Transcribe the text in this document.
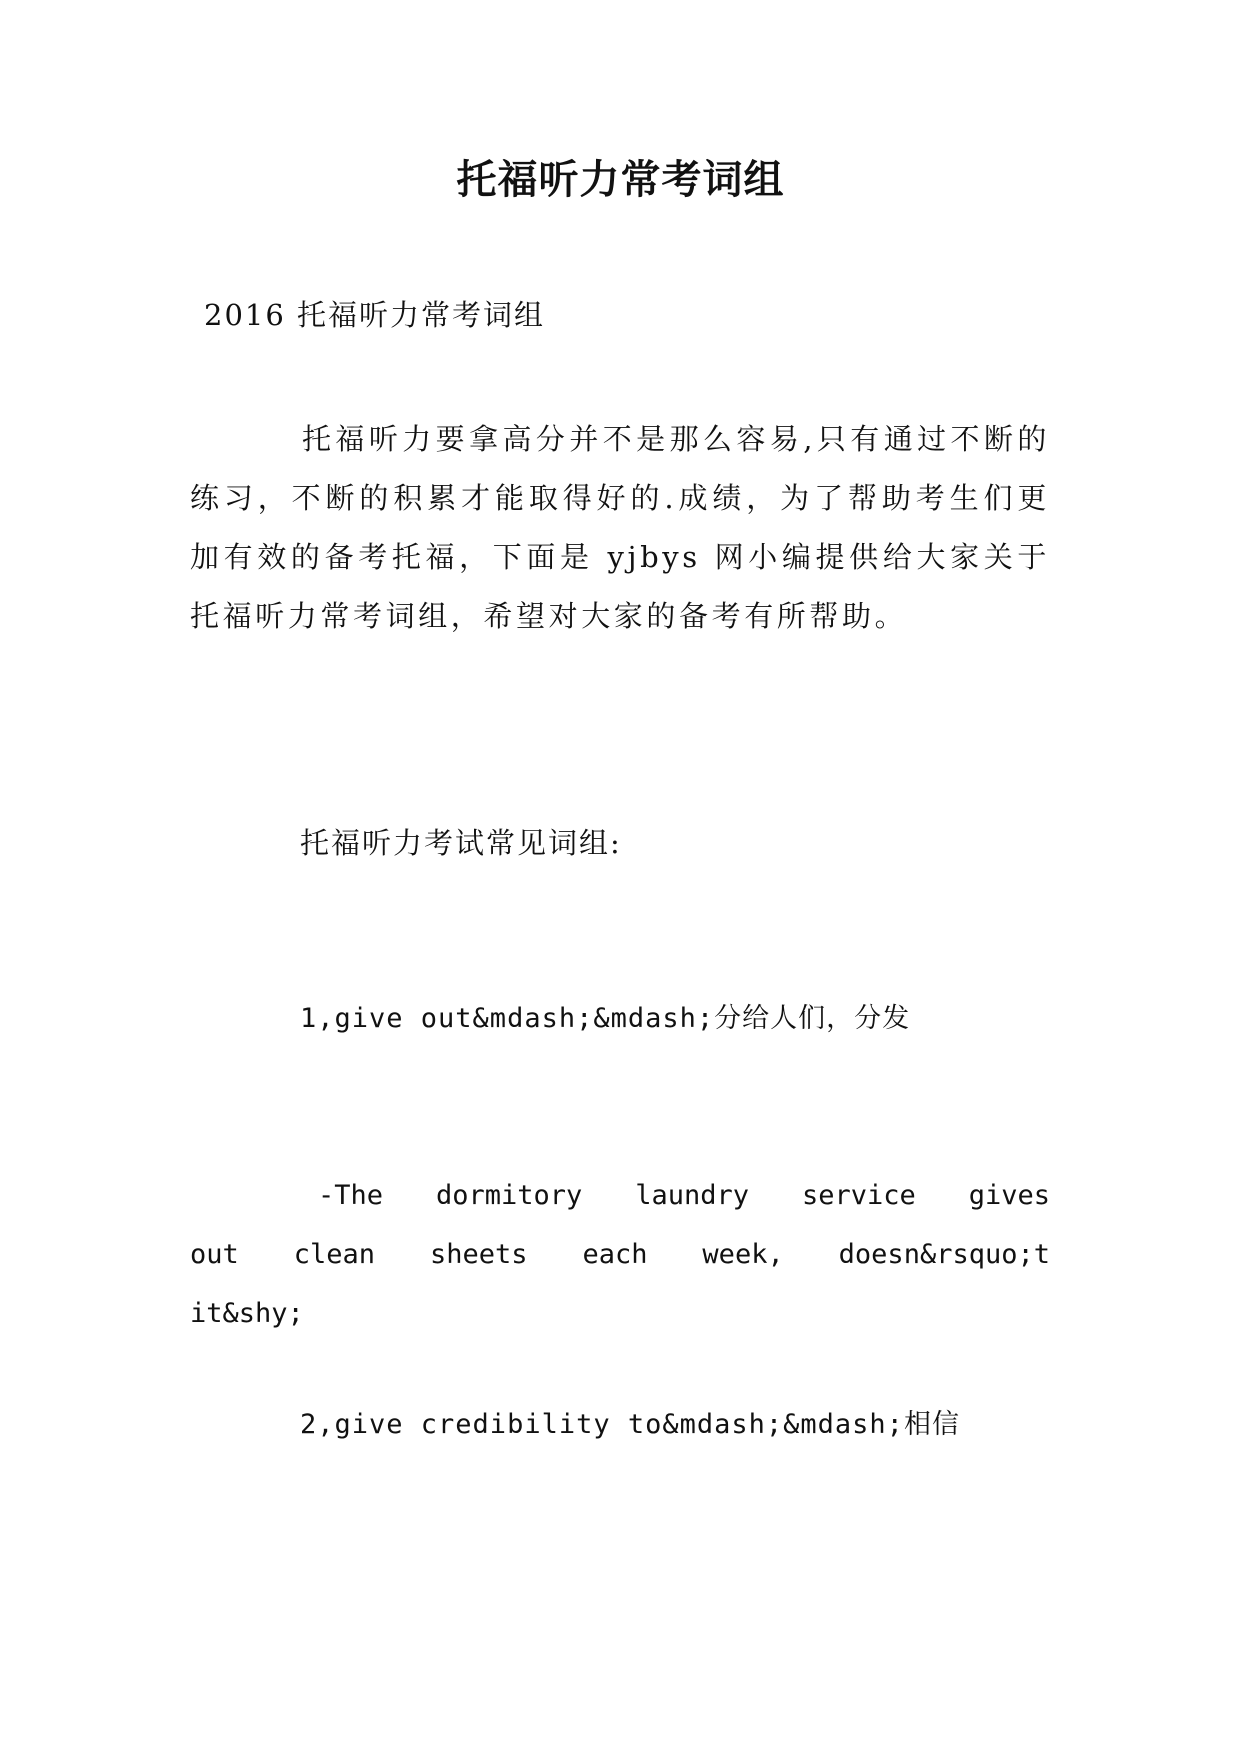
托福听力常考词组
2016 托福听力常考词组
托福听力要拿高分并不是那么容易,只有通过不断的练习，不断的积累才能取得好的.成绩，为了帮助考生们更加有效的备考托福，下面是 yjbys 网小编提供给大家关于托福听力常考词组，希望对大家的备考有所帮助。
托福听力考试常见词组:
1,give out&mdash;&mdash;分给人们，分发
-The dormitory laundry service gives out clean sheets each week, doesn&rsquo;t it&shy;
2,give credibility to&mdash;&mdash;相信
